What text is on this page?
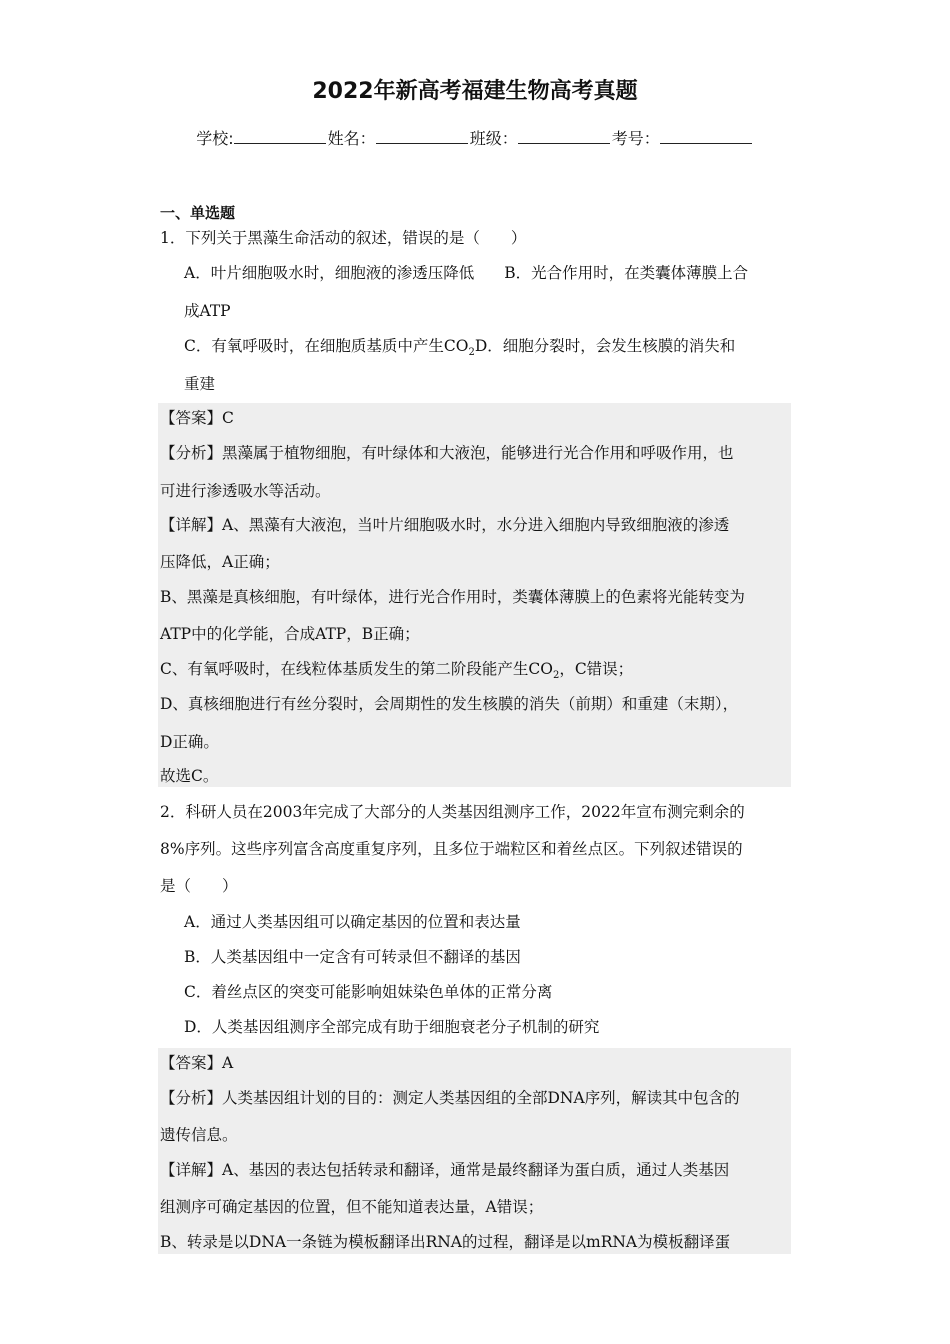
2022年新高考福建生物高考真题
学校:	姓名：	班级：	考号：
一、单选题
1．下列关于黑藻生命活动的叙述，错误的是（　　）
A．叶片细胞吸水时，细胞液的渗透压降低 B．光合作用时，在类囊体薄膜上合
成ATP
C．有氧呼吸时，在细胞质基质中产生$CO_2D$．细胞分裂时，会发生核膜的消失和
重建
【答案】C
【分析】黑藻属于植物细胞，有叶绿体和大液泡，能够进行光合作用和呼吸作用，也
可进行渗透吸水等活动。
【详解】A、黑藻有大液泡，当叶片细胞吸水时，水分进入细胞内导致细胞液的渗透
压降低，A正确；
B、黑藻是真核细胞，有叶绿体，进行光合作用时，类囊体薄膜上的色素将光能转变为
ATP中的化学能，合成ATP，B正确；
C、有氧呼吸时，在线粒体基质发生的第二阶段能产生$CO_2$，C错误；
D、真核细胞进行有丝分裂时，会周期性的发生核膜的消失（前期）和重建（末期），
D正确。
故选C。
2．科研人员在2003年完成了大部分的人类基因组测序工作，2022年宣布测完剩余的
8%序列。这些序列富含高度重复序列，且多位于端粒区和着丝点区。下列叙述错误的
是（　　）
A．通过人类基因组可以确定基因的位置和表达量
B．人类基因组中一定含有可转录但不翻译的基因
C．着丝点区的突变可能影响姐妹染色单体的正常分离
D．人类基因组测序全部完成有助于细胞衰老分子机制的研究
【答案】A
【分析】人类基因组计划的目的：测定人类基因组的全部DNA序列，解读其中包含的
遗传信息。
【详解】A、基因的表达包括转录和翻译，通常是最终翻译为蛋白质，通过人类基因
组测序可确定基因的位置，但不能知道表达量，A错误；
B、转录是以DNA一条链为模板翻译出RNA的过程，翻译是以mRNA为模板翻译蛋
